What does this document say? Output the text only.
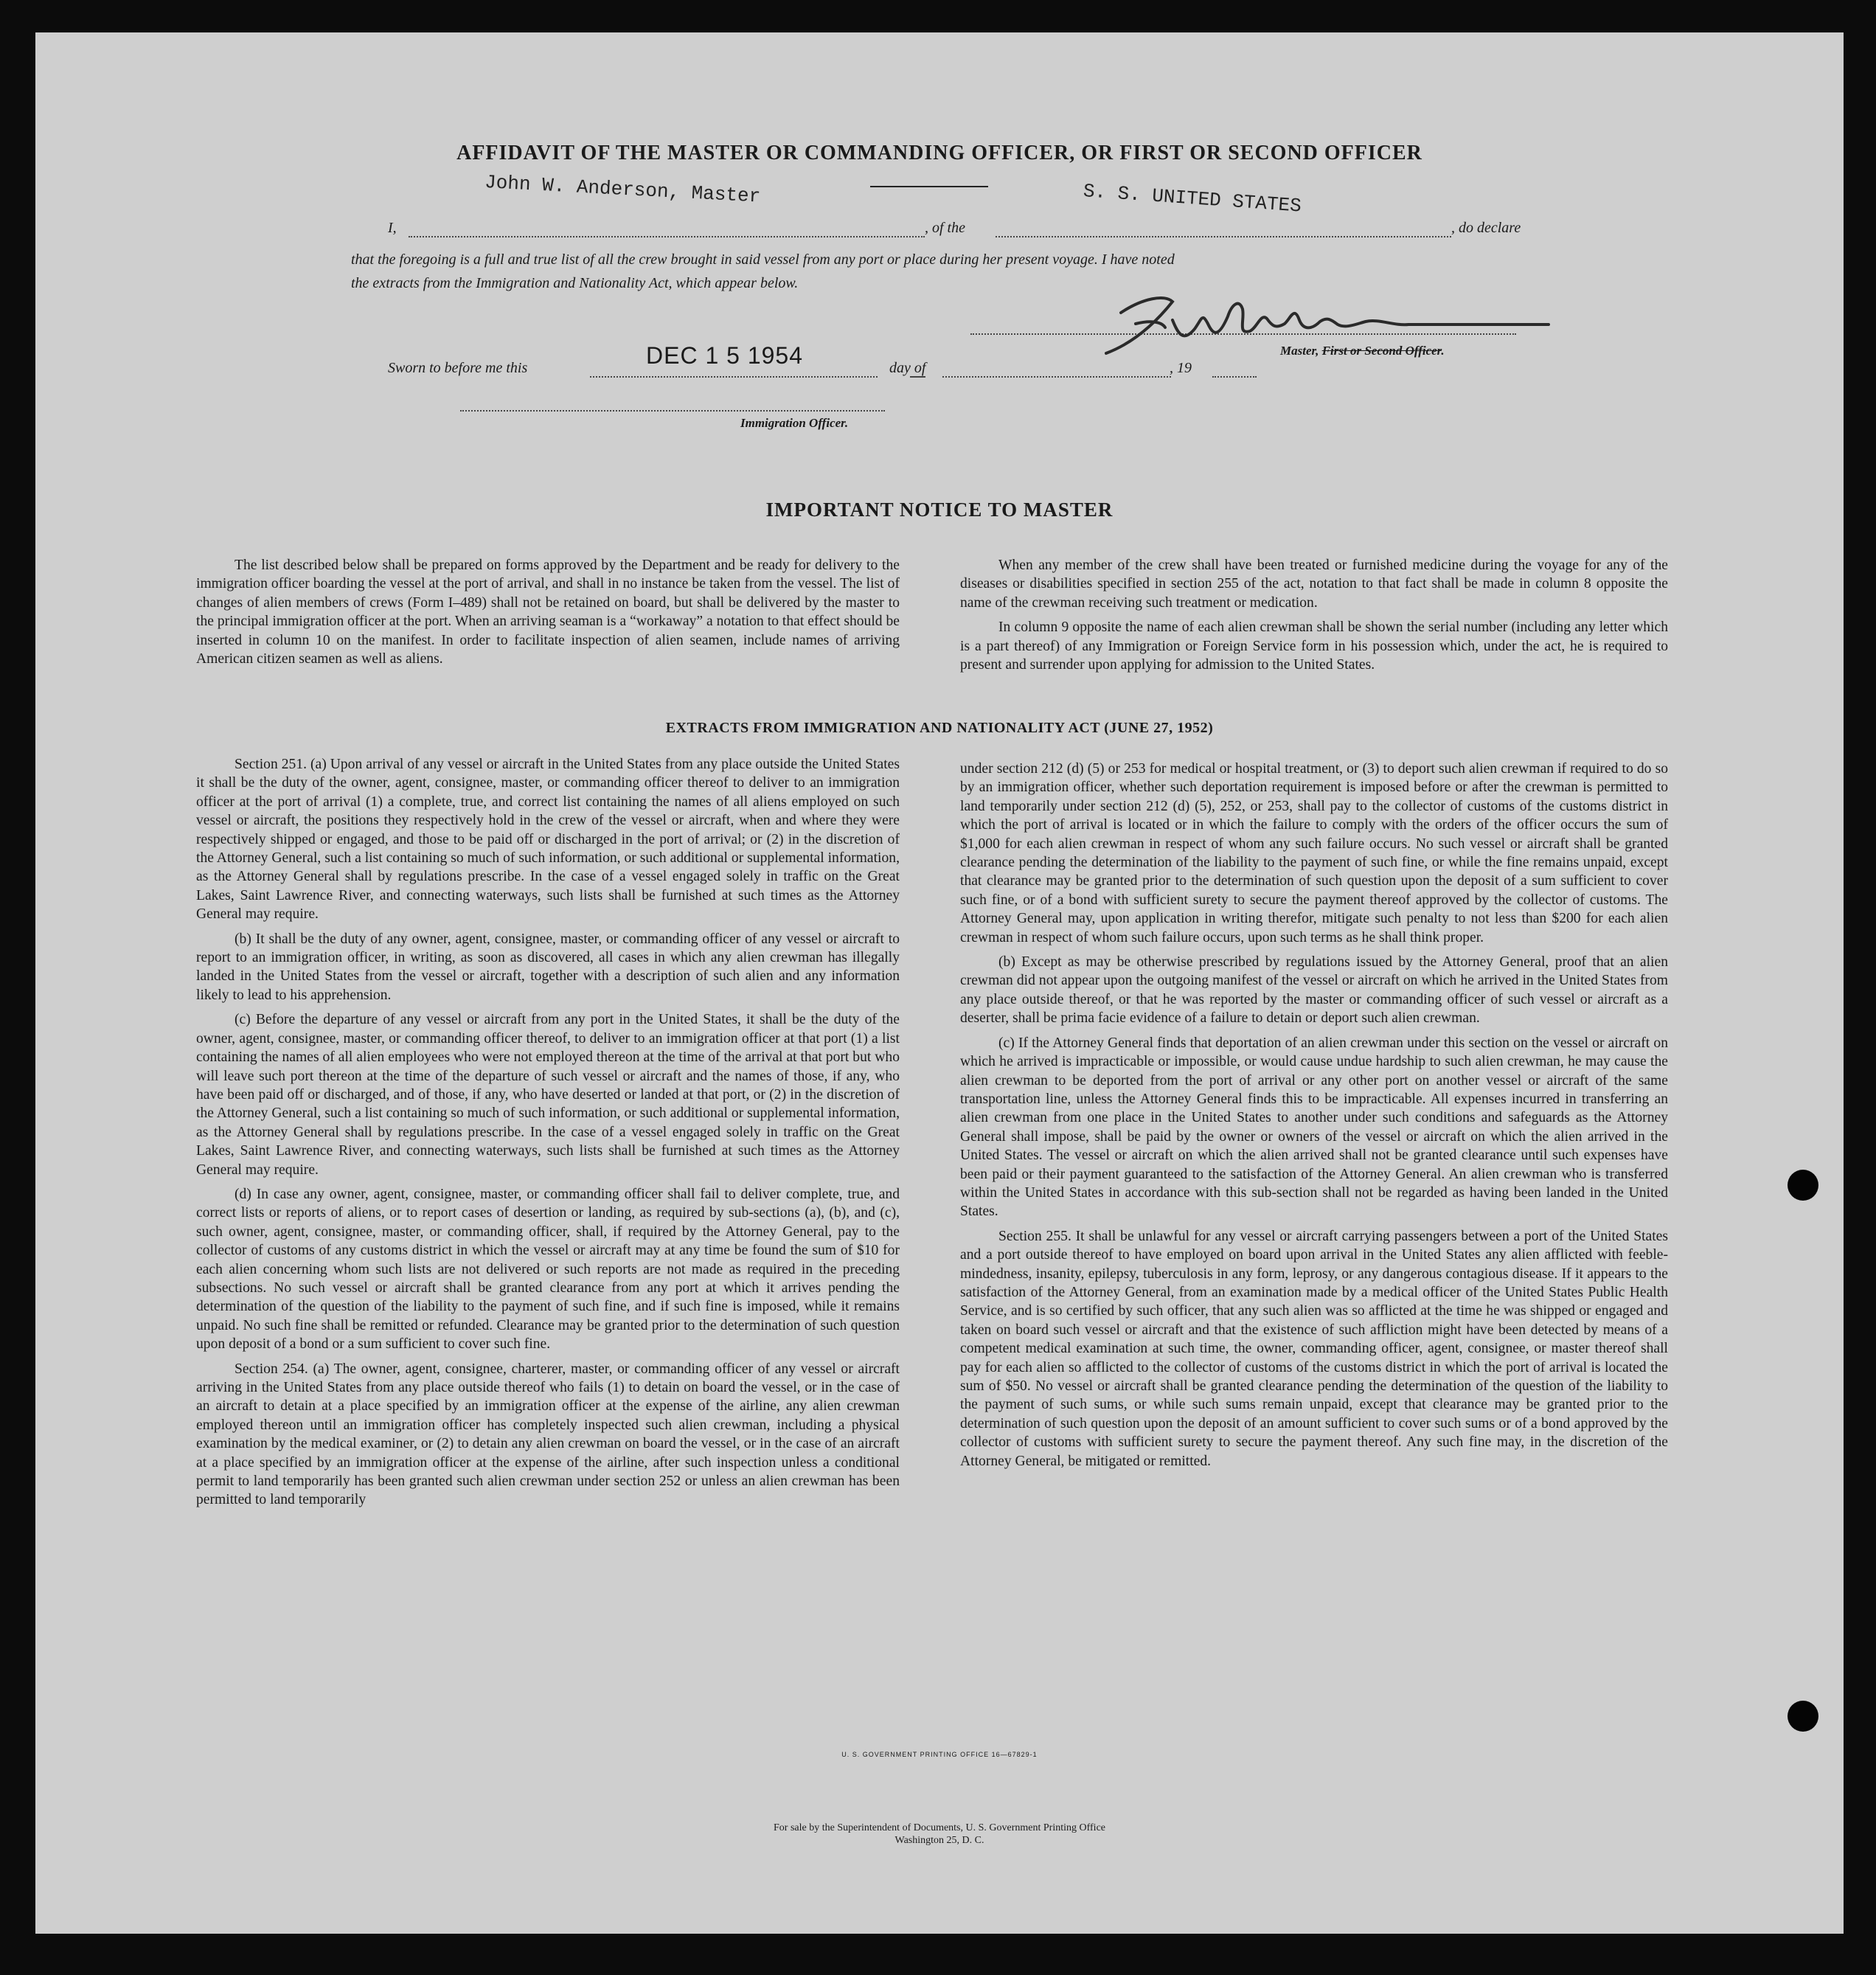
AFFIDAVIT OF THE MASTER OR COMMANDING OFFICER, OR FIRST OR SECOND OFFICER
John W. Anderson, Master	S. S. UNITED STATES
I,	, of the	, do declare
that the foregoing is a full and true list of all the crew brought in said vessel from any port or place during her present voyage. I have noted
the extracts from the Immigration and Nationality Act, which appear below.
Master, First or Second Officer.
Sworn to before me this	DEC 1 5 1954	day of	, 19
Immigration Officer.
IMPORTANT NOTICE TO MASTER

The list described below shall be prepared on forms approved by the Department and be ready for delivery to the immigration officer boarding the vessel at the port of arrival, and shall in no instance be taken from the vessel. The list of changes of alien members of crews (Form I–489) shall not be retained on board, but shall be delivered by the master to the principal immigration officer at the port. When an arriving seaman is a “workaway” a notation to that effect should be inserted in column 10 on the manifest. In order to facilitate inspection of alien seamen, include names of arriving American citizen seamen as well as aliens.

When any member of the crew shall have been treated or furnished medicine during the voyage for any of the diseases or disabilities specified in section 255 of the act, notation to that fact shall be made in column 8 opposite the name of the crewman receiving such treatment or medication.

In column 9 opposite the name of each alien crewman shall be shown the serial number (including any letter which is a part thereof) of any Immigration or Foreign Service form in his possession which, under the act, he is required to present and surrender upon applying for admission to the United States.

EXTRACTS FROM IMMIGRATION AND NATIONALITY ACT (JUNE 27, 1952)

Section 251. (a) Upon arrival of any vessel or aircraft in the United States from any place outside the United States it shall be the duty of the owner, agent, consignee, master, or commanding officer thereof to deliver to an immigration officer at the port of arrival (1) a complete, true, and correct list containing the names of all aliens employed on such vessel or aircraft, the positions they respectively hold in the crew of the vessel or aircraft, when and where they were respectively shipped or engaged, and those to be paid off or discharged in the port of arrival; or (2) in the discretion of the Attorney General, such a list containing so much of such information, or such additional or supplemental information, as the Attorney General shall by regulations prescribe. In the case of a vessel engaged solely in traffic on the Great Lakes, Saint Lawrence River, and connecting waterways, such lists shall be furnished at such times as the Attorney General may require.

(b) It shall be the duty of any owner, agent, consignee, master, or commanding officer of any vessel or aircraft to report to an immigration officer, in writing, as soon as discovered, all cases in which any alien crewman has illegally landed in the United States from the vessel or aircraft, together with a description of such alien and any information likely to lead to his apprehension.

(c) Before the departure of any vessel or aircraft from any port in the United States, it shall be the duty of the owner, agent, consignee, master, or commanding officer thereof, to deliver to an immigration officer at that port (1) a list containing the names of all alien employees who were not employed thereon at the time of the arrival at that port but who will leave such port thereon at the time of the departure of such vessel or aircraft and the names of those, if any, who have been paid off or discharged, and of those, if any, who have deserted or landed at that port, or (2) in the discretion of the Attorney General, such a list containing so much of such information, or such additional or supplemental information, as the Attorney General shall by regulations prescribe. In the case of a vessel engaged solely in traffic on the Great Lakes, Saint Lawrence River, and connecting waterways, such lists shall be furnished at such times as the Attorney General may require.

(d) In case any owner, agent, consignee, master, or commanding officer shall fail to deliver complete, true, and correct lists or reports of aliens, or to report cases of desertion or landing, as required by sub-sections (a), (b), and (c), such owner, agent, consignee, master, or commanding officer, shall, if required by the Attorney General, pay to the collector of customs of any customs district in which the vessel or aircraft may at any time be found the sum of $10 for each alien concerning whom such lists are not delivered or such reports are not made as required in the preceding subsections. No such vessel or aircraft shall be granted clearance from any port at which it arrives pending the determination of the question of the liability to the payment of such fine, and if such fine is imposed, while it remains unpaid. No such fine shall be remitted or refunded. Clearance may be granted prior to the determination of such question upon deposit of a bond or a sum sufficient to cover such fine.

Section 254. (a) The owner, agent, consignee, charterer, master, or commanding officer of any vessel or aircraft arriving in the United States from any place outside thereof who fails (1) to detain on board the vessel, or in the case of an aircraft to detain at a place specified by an immigration officer at the expense of the airline, any alien crewman employed thereon until an immigration officer has completely inspected such alien crewman, including a physical examination by the medical examiner, or (2) to detain any alien crewman on board the vessel, or in the case of an aircraft at a place specified by an immigration officer at the expense of the airline, after such inspection unless a conditional permit to land temporarily has been granted such alien crewman under section 252 or unless an alien crewman has been permitted to land temporarily

under section 212 (d) (5) or 253 for medical or hospital treatment, or (3) to deport such alien crewman if required to do so by an immigration officer, whether such deportation requirement is imposed before or after the crewman is permitted to land temporarily under section 212 (d) (5), 252, or 253, shall pay to the collector of customs of the customs district in which the port of arrival is located or in which the failure to comply with the orders of the officer occurs the sum of $1,000 for each alien crewman in respect of whom any such failure occurs. No such vessel or aircraft shall be granted clearance pending the determination of the liability to the payment of such fine, or while the fine remains unpaid, except that clearance may be granted prior to the determination of such question upon the deposit of a sum sufficient to cover such fine, or of a bond with sufficient surety to secure the payment thereof approved by the collector of customs. The Attorney General may, upon application in writing therefor, mitigate such penalty to not less than $200 for each alien crewman in respect of whom such failure occurs, upon such terms as he shall think proper.

(b) Except as may be otherwise prescribed by regulations issued by the Attorney General, proof that an alien crewman did not appear upon the outgoing manifest of the vessel or aircraft on which he arrived in the United States from any place outside thereof, or that he was reported by the master or commanding officer of such vessel or aircraft as a deserter, shall be prima facie evidence of a failure to detain or deport such alien crewman.

(c) If the Attorney General finds that deportation of an alien crewman under this section on the vessel or aircraft on which he arrived is impracticable or impossible, or would cause undue hardship to such alien crewman, he may cause the alien crewman to be deported from the port of arrival or any other port on another vessel or aircraft of the same transportation line, unless the Attorney General finds this to be impracticable. All expenses incurred in transferring an alien crewman from one place in the United States to another under such conditions and safeguards as the Attorney General shall impose, shall be paid by the owner or owners of the vessel or aircraft on which the alien arrived in the United States. The vessel or aircraft on which the alien arrived shall not be granted clearance until such expenses have been paid or their payment guaranteed to the satisfaction of the Attorney General. An alien crewman who is transferred within the United States in accordance with this sub-section shall not be regarded as having been landed in the United States.

Section 255. It shall be unlawful for any vessel or aircraft carrying passengers between a port of the United States and a port outside thereof to have employed on board upon arrival in the United States any alien afflicted with feeble-mindedness, insanity, epilepsy, tuberculosis in any form, leprosy, or any dangerous contagious disease. If it appears to the satisfaction of the Attorney General, from an examination made by a medical officer of the United States Public Health Service, and is so certified by such officer, that any such alien was so afflicted at the time he was shipped or engaged and taken on board such vessel or aircraft and that the existence of such affliction might have been detected by means of a competent medical examination at such time, the owner, commanding officer, agent, consignee, or master thereof shall pay for each alien so afflicted to the collector of customs of the customs district in which the port of arrival is located the sum of $50. No vessel or aircraft shall be granted clearance pending the determination of the question of the liability to the payment of such sums, or while such sums remain unpaid, except that clearance may be granted prior to the determination of such question upon the deposit of an amount sufficient to cover such sums or of a bond approved by the collector of customs with sufficient surety to secure the payment thereof. Any such fine may, in the discretion of the Attorney General, be mitigated or remitted.

U. S. GOVERNMENT PRINTING OFFICE 16—67829-1
For sale by the Superintendent of Documents, U. S. Government Printing Office
Washington 25, D. C.
